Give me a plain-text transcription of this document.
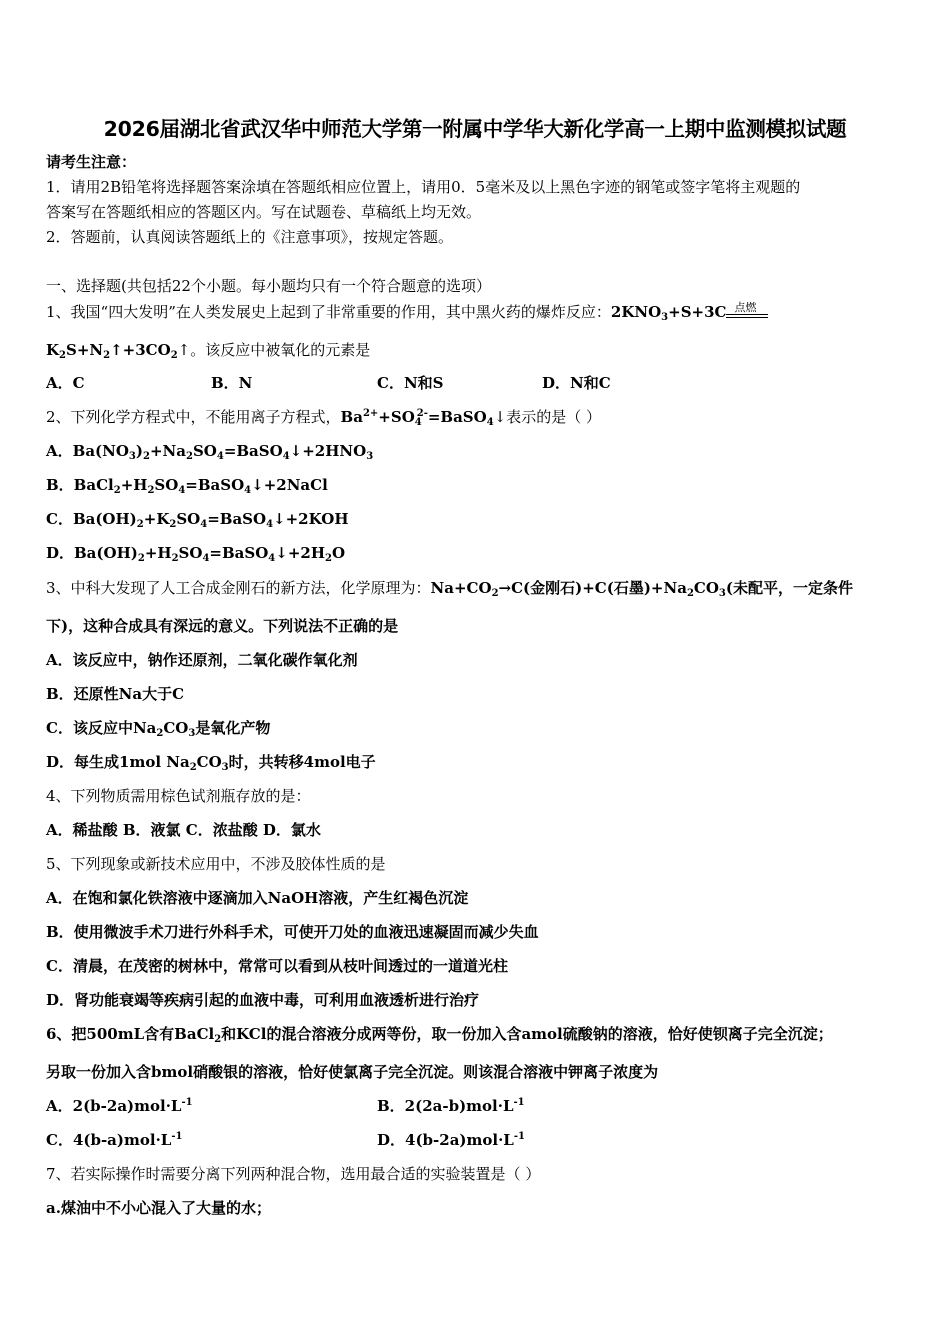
2026届湖北省武汉华中师范大学第一附属中学华大新化学高一上期中监测模拟试题
请考生注意：
1．请用2B铅笔将选择题答案涂填在答题纸相应位置上，请用0．5毫米及以上黑色字迹的钢笔或签字笔将主观题的
答案写在答题纸相应的答题区内。写在试题卷、草稿纸上均无效。
2．答题前，认真阅读答题纸上的《注意事项》，按规定答题。
一、选择题(共包括22个小题。每小题均只有一个符合题意的选项）
1、我国“四大发明”在人类发展史上起到了非常重要的作用，其中黑火药的爆炸反应：$2KNO_3+S+3C$ 点燃
$K_2S+N_2↑+3CO_2↑$。该反应中被氧化的元素是
A．C	B．N	C．N和S	D．N和C
2、下列化学方程式中，不能用离子方程式，$Ba^{2+}+SO_4^{2-}=BaSO_4↓$表示的是（ ）
A．$Ba(NO_3)_2+Na_2SO_4=BaSO_4↓+2HNO_3$
B．$BaCl_2+H_2SO_4=BaSO_4↓+2NaCl$
C．$Ba(OH)_2+K_2SO_4=BaSO_4↓+2KOH$
D．$Ba(OH)_2+H_2SO_4=BaSO_4↓+2H_2O$
3、中科大发现了人工合成金刚石的新方法，化学原理为：$Na+CO_2\to C$(金刚石)+C(石墨)$+Na_2CO_3$(未配平，一定条件
下)，这种合成具有深远的意义。下列说法不正确的是
A．该反应中，钠作还原剂，二氧化碳作氧化剂
B．还原性Na大于C
C．该反应中$Na_2CO_3$是氧化产物
D．每生成1mol $Na_2CO_3$时，共转移4mol电子
4、下列物质需用棕色试剂瓶存放的是：
A．稀盐酸 B．液氯 C．浓盐酸 D．氯水
5、下列现象或新技术应用中，不涉及胶体性质的是
A．在饱和氯化铁溶液中逐滴加入NaOH溶液，产生红褐色沉淀
B．使用微波手术刀进行外科手术，可使开刀处的血液迅速凝固而减少失血
C．清晨，在茂密的树林中，常常可以看到从枝叶间透过的一道道光柱
D．肾功能衰竭等疾病引起的血液中毒，可利用血液透析进行治疗
6、把500mL含有BaCl$_2$和KCl的混合溶液分成两等份，取一份加入含amol硫酸钠的溶液，恰好使钡离子完全沉淀；
另取一份加入含bmol硝酸银的溶液，恰好使氯离子完全沉淀。则该混合溶液中钾离子浓度为
A．$2(b-2a)mol\cdot L^{-1}$	B．$2(2a-b)mol\cdot L^{-1}$
C．$4(b-a)mol\cdot L^{-1}$	D．$4(b-2a)mol\cdot L^{-1}$
7、若实际操作时需要分离下列两种混合物，选用最合适的实验装置是（ ）
a.煤油中不小心混入了大量的水；
